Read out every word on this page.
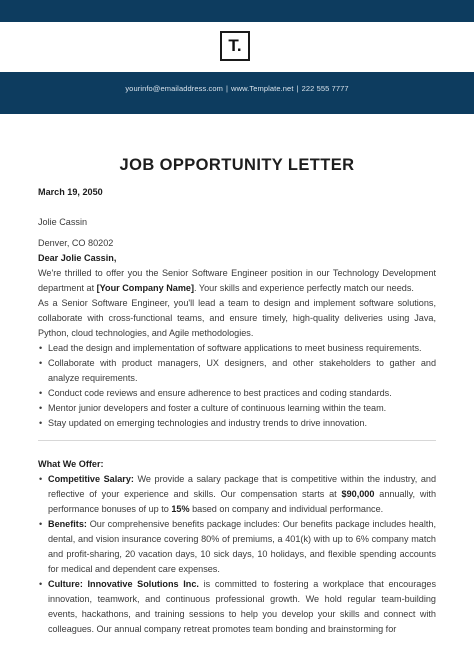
T.
yourinfo@emailaddress.com | www.Template.net | 222 555 7777
JOB OPPORTUNITY LETTER

March 19, 2050

Jolie Cassin

Denver, CO 80202

Dear Jolie Cassin,

We're thrilled to offer you the Senior Software Engineer position in our Technology Development department at [Your Company Name]. Your skills and experience perfectly match our needs.

As a Senior Software Engineer, you'll lead a team to design and implement software solutions, collaborate with cross-functional teams, and ensure timely, high-quality deliveries using Java, Python, cloud technologies, and Agile methodologies.

• Lead the design and implementation of software applications to meet business requirements.
• Collaborate with product managers, UX designers, and other stakeholders to gather and analyze requirements.
• Conduct code reviews and ensure adherence to best practices and coding standards.
• Mentor junior developers and foster a culture of continuous learning within the team.
• Stay updated on emerging technologies and industry trends to drive innovation.

What We Offer:

• Competitive Salary: We provide a salary package that is competitive within the industry, and reflective of your experience and skills. Our compensation starts at $90,000 annually, with performance bonuses of up to 15% based on company and individual performance.
• Benefits: Our comprehensive benefits package includes: Our benefits package includes health, dental, and vision insurance covering 80% of premiums, a 401(k) with up to 6% company match and profit-sharing, 20 vacation days, 10 sick days, 10 holidays, and flexible spending accounts for medical and dependent care expenses.
• Culture: Innovative Solutions Inc. is committed to fostering a workplace that encourages innovation, teamwork, and continuous professional growth. We hold regular team-building events, hackathons, and training sessions to help you develop your skills and connect with colleagues. Our annual company retreat promotes team bonding and brainstorming for
